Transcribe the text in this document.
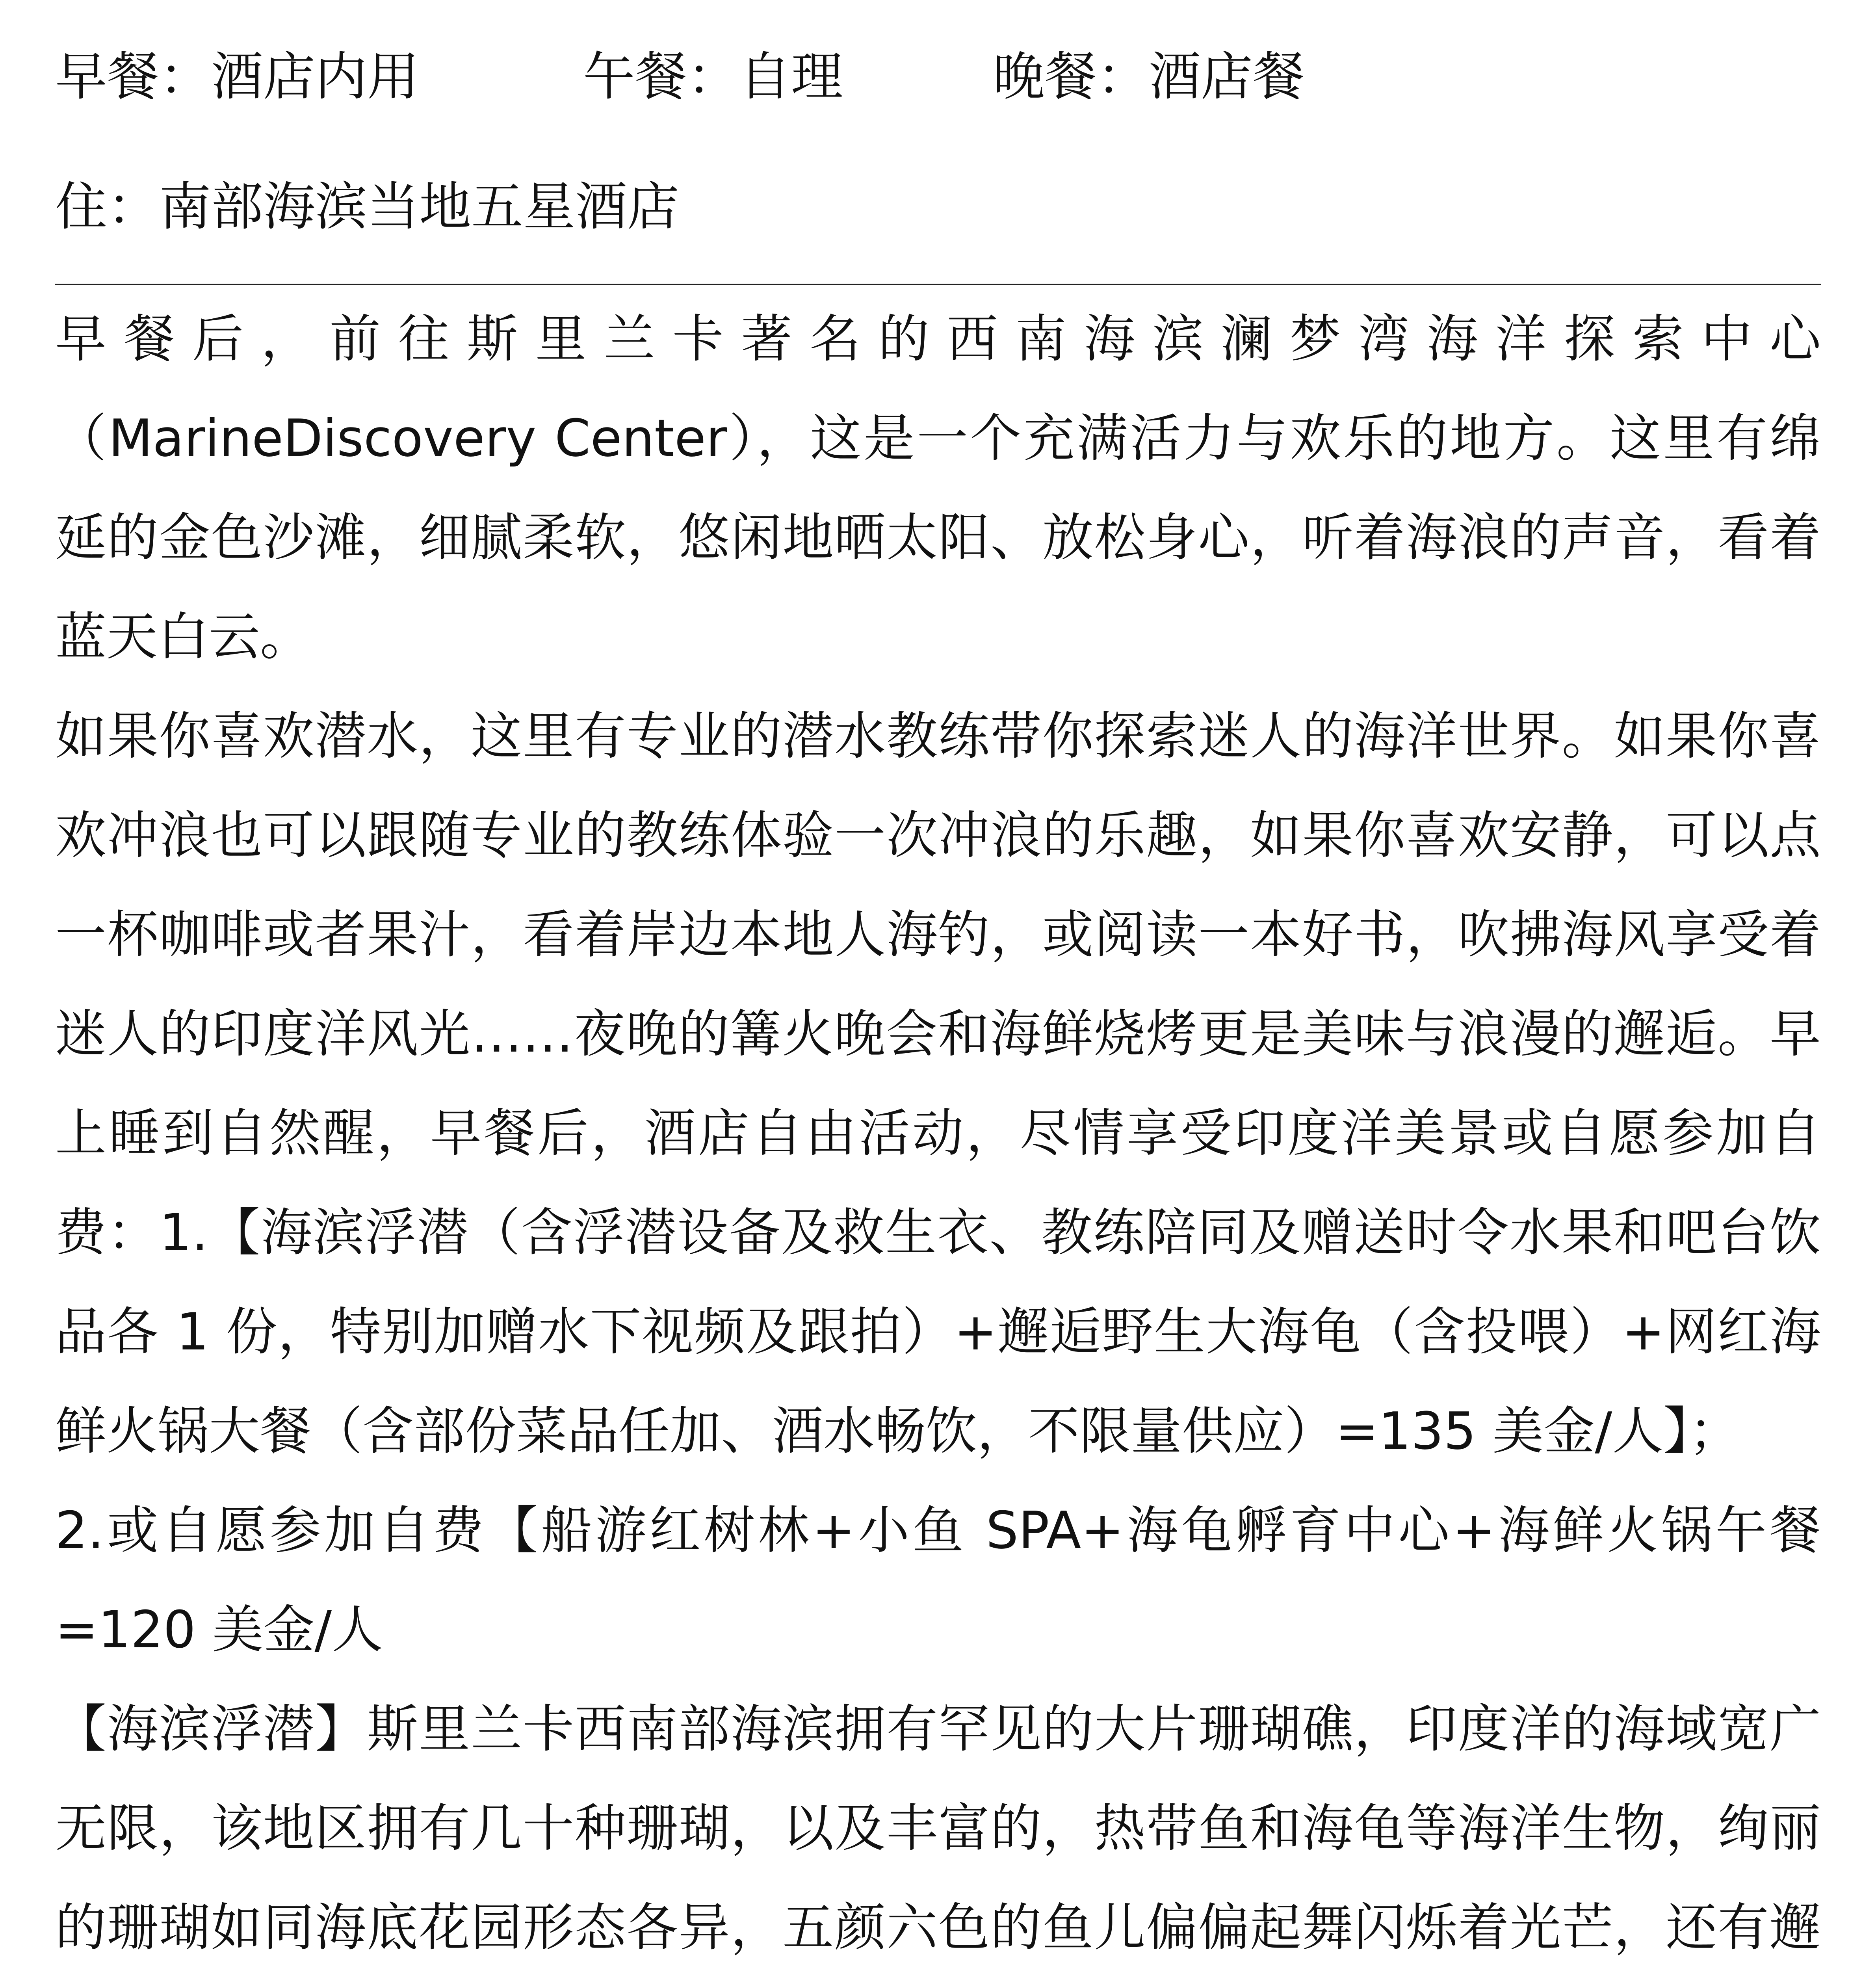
早餐：酒店内用	午餐：自理	晚餐：酒店餐
住：南部海滨当地五星酒店

早餐后，前往斯里兰卡著名的西南海滨澜梦湾海洋探索中心（MarineDiscovery Center），这是一个充满活力与欢乐的地方。这里有绵延的金色沙滩，细腻柔软，悠闲地晒太阳、放松身心，听着海浪的声音，看着蓝天白云。

如果你喜欢潜水，这里有专业的潜水教练带你探索迷人的海洋世界。如果你喜欢冲浪也可以跟随专业的教练体验一次冲浪的乐趣，如果你喜欢安静，可以点一杯咖啡或者果汁，看着岸边本地人海钓，或阅读一本好书，吹拂海风享受着迷人的印度洋风光……夜晚的篝火晚会和海鲜烧烤更是美味与浪漫的邂逅。早上睡到自然醒，早餐后，酒店自由活动，尽情享受印度洋美景或自愿参加自费：1.【海滨浮潜（含浮潜设备及救生衣、教练陪同及赠送时令水果和吧台饮品各 1 份，特别加赠水下视频及跟拍）+邂逅野生大海龟（含投喂）+网红海鲜火锅大餐（含部份菜品任加、酒水畅饮，不限量供应）=135 美金/人】；

2.或自愿参加自费【船游红树林+小鱼 SPA+海龟孵育中心+海鲜火锅午餐=120 美金/人

【海滨浮潜】斯里兰卡西南部海滨拥有罕见的大片珊瑚礁，印度洋的海域宽广无限，该地区拥有几十种珊瑚，以及丰富的，热带鱼和海龟等海洋生物，绚丽的珊瑚如同海底花园形态各异，五颜六色的鱼儿偏偏起舞闪烁着光芒，还有邂
